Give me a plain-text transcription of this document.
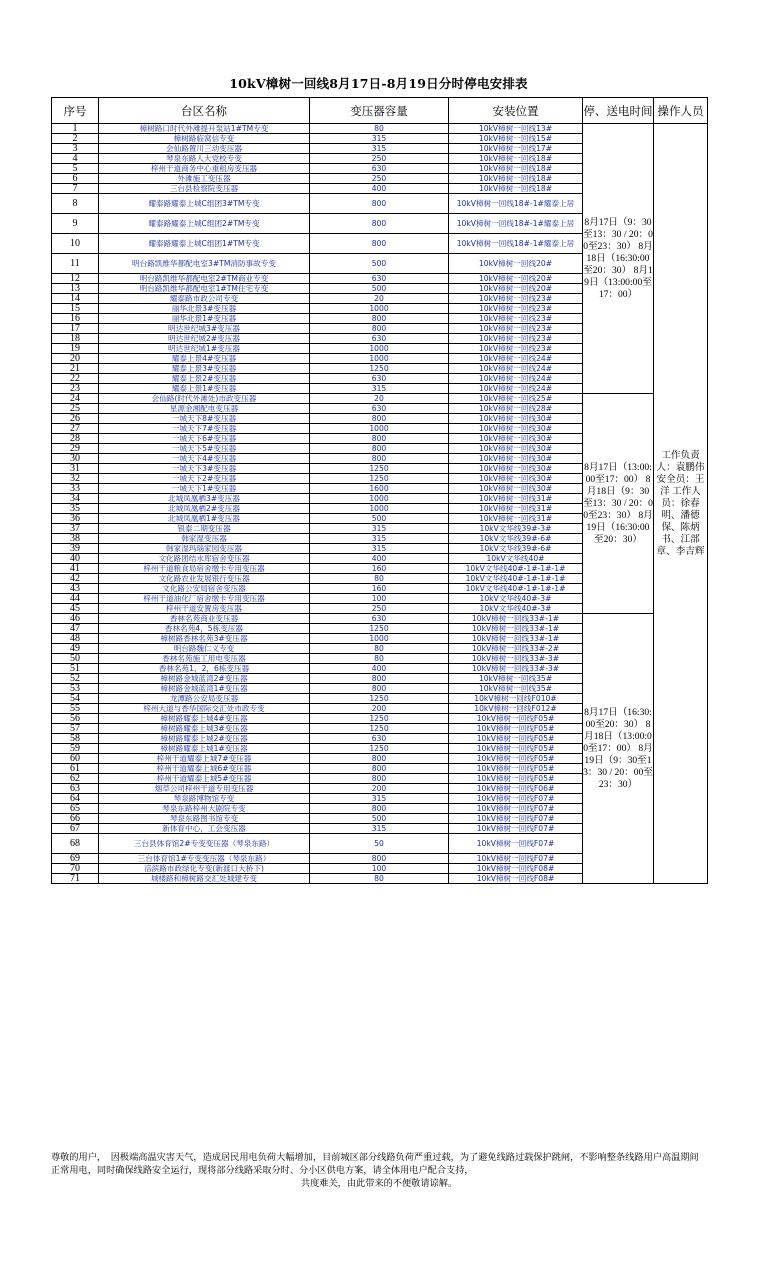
10kV樟树一回线8月17日-8月19日分时停电安排表
序号	台区名称	变压器容量	安装位置	停、送电时间	操作人员
1	樟树路口时代外滩提升泵站1#TM专变	80	10kV樟树一回线13#	8月17日（9：30至13：30 / 20：00至23：30） 8月18日（16:30:00至20：30） 8月19日（13:00:00至17：00）	工作负责人：袁鹏伟 安全员：王洋 工作人员：徐春明、潘德保、陈炳书、江部章、李吉辉
2	樟树路临窝信专变	315	10kV樟树一回线15#		
3	会仙路置川三动变压器	315	10kV樟树一回线17#		
4	琴泉东路人大党校专变	250	10kV樟树一回线18#		
5	梓州干道商务中心重租房变压器	630	10kV樟树一回线18#		
6	外滩施工变压器	250	10kV樟树一回线18#		
7	三台县检察院变压器	400	10kV樟树一回线18#		
8	耀泰路耀泰上城C组团3#TM专变	800	10kV樟树一回线18#-1#耀泰上居		
9	耀泰路耀泰上城C组团2#TM专变	800	10kV樟树一回线18#-1#耀泰上居		
10	耀泰路耀泰上城C组团1#TM专变	800	10kV樟树一回线18#-1#耀泰上居		
11	明台路凯维华都配电室3#TM消防事故专变	500	10kV樟树一回线20#		
12	明台路凯维华都配电室2#TM商业专变	630	10kV樟树一回线20#		
13	明台路凯维华都配电室1#TM住宅专变	500	10kV樟树一回线20#		
14	耀泰路市政公司专变	20	10kV樟树一回线23#		
15	丽华北景3#变压器	1000	10kV樟树一回线23#		
16	丽华北景1#变压器	800	10kV樟树一回线23#		
17	明达世纪城3#变压器	800	10kV樟树一回线23#		
18	明达世纪城2#变压器	630	10kV樟树一回线23#		
19	明达世纪城1#变压器	1000	10kV樟树一回线23#		
20	耀泰上景4#变压器	1000	10kV樟树一回线24#		
21	耀泰上景3#变压器	1250	10kV樟树一回线24#		
22	耀泰上景2#变压器	630	10kV樟树一回线24#		
23	耀泰上景1#变压器	315	10kV樟树一回线24#		
24	会仙路(时代外滩处)市政变压器	20	10kV樟树一回线25#	8月17日（13:00:00至17：00） 8月18日（9：30至13：30 / 20：00至23：30） 8月19日（16:30:00至20：30）	
25	星源金湘配电变压器	630	10kV樟树一回线28#		
26	一城天下8#变压器	800	10kV樟树一回线30#		
27	一城天下7#变压器	1000	10kV樟树一回线30#		
28	一城天下6#变压器	800	10kV樟树一回线30#		
29	一城天下5#变压器	800	10kV樟树一回线30#		
30	一城天下4#变压器	800	10kV樟树一回线30#		
31	一城天下3#变压器	1250	10kV樟树一回线30#		
32	一城天下2#变压器	1250	10kV樟树一回线30#		
33	一城天下1#变压器	1600	10kV樟树一回线30#		
34	北城凤凰栖3#变压器	1000	10kV樟树一回线31#		
35	北城凤凰栖2#变压器	1000	10kV樟树一回线31#		
36	北城凤凰栖1#变压器	500	10kV樟树一回线31#		
37	银泰二期变压器	315	10kV文华线39#-3#		
38	韩家湿变压器	315	10kV文华线39#-6#		
39	韩家湿玛瑙家园变压器	315	10kV文华线39#-6#		
40	文化路团结水库宿舍变压器	400	10kV文华线40#		
41	梓州干道粮食局宿舍缴卡专用变压器	160	10kV文华线40#-1#-1#-1#		
42	文化路农业发展银行变压器	80	10kV文华线40#-1#-1#-1#		
43	文化路公安局宿舍变压器	160	10kV文华线40#-1#-1#-1#		
44	梓州干道油化厂宿舍缴卡专用变压器	100	10kV文华线40#-3#		
45	梓州干道安置房变压器	250	10kV文华线40#-3#		
46	香林名苑商业变压器	630	10kV樟树一回线33#-1#	8月17日（16:30:00至20：30） 8月18日（13:00:00至17：00） 8月19日（9：30至13：30 / 20：00至23：30）	
47	香林名苑4，5栋变压器	1250	10kV樟树一回线33#-1#		
48	樟树路香林名苑3#变压器	1000	10kV樟树一回线33#-1#		
49	明台路魏仁义专变	80	10kV樟树一回线33#-2#		
50	香林名苑施工用电变压器	80	10kV樟树一回线33#-3#		
51	香林名苑1，2，6栋变压器	400	10kV樟树一回线33#-3#		
52	樟树路金城蓝湾2#变压器	800	10kV樟树一回线35#		
53	樟树路金城蓝湾1#变压器	800	10kV樟树一回线35#		
54	龙潭路公安局变压器	1250	10kV樟树一回线F010#		
55	梓州大道与香华国际交汇处市政专变	200	10kV樟树一回线F012#		
56	樟树路耀泰上城4#变压器	1250	10kV樟树一回线F05#		
57	樟树路耀泰上城3#变压器	1250	10kV樟树一回线F05#		
58	樟树路耀泰上城2#变压器	630	10kV樟树一回线F05#		
59	樟树路耀泰上城1#变压器	1250	10kV樟树一回线F05#		
60	梓州干道耀泰上城7#变压器	800	10kV樟树一回线F05#		
61	梓州干道耀泰上城6#变压器	800	10kV樟树一回线F05#		
62	梓州干道耀泰上城5#变压器	800	10kV樟树一回线F05#		
63	烟草公司梓州干道专用变压器	200	10kV樟树一回线F06#		
64	琴泉路博物馆专变	315	10kV樟树一回线F07#		
65	琴泉东路梓州大剧院专变	800	10kV樟树一回线F07#		
66	琴泉东路图书馆专变	500	10kV樟树一回线F07#		
67	新体育中心，工会变压器	315	10kV樟树一回线F07#		
68	三台县体育馆2#专变变压器（琴泉东路）	50	10kV樟树一回线F07#		
69	三台体育馆1#专变变压器（琴泉东路）	800	10kV樟树一回线F07#		
70	涪滨路市政绿化专变(新渡口大桥下)	100	10kV樟树一回线F08#		
71	城楼路和樟树路交汇处城建专变	80	10kV樟树一回线F08#		
尊敬的用户，　因极端高温灾害天气，造成居民用电负荷大幅增加，目前城区部分线路负荷严重过载，为了避免线路过载保护跳闸，不影响整条线路用户高温期间正常用电，同时确保线路安全运行，现将部分线路采取分时、分小区供电方案，请全体用电户配合支持，
共度难关，由此带来的不便敬请谅解。
